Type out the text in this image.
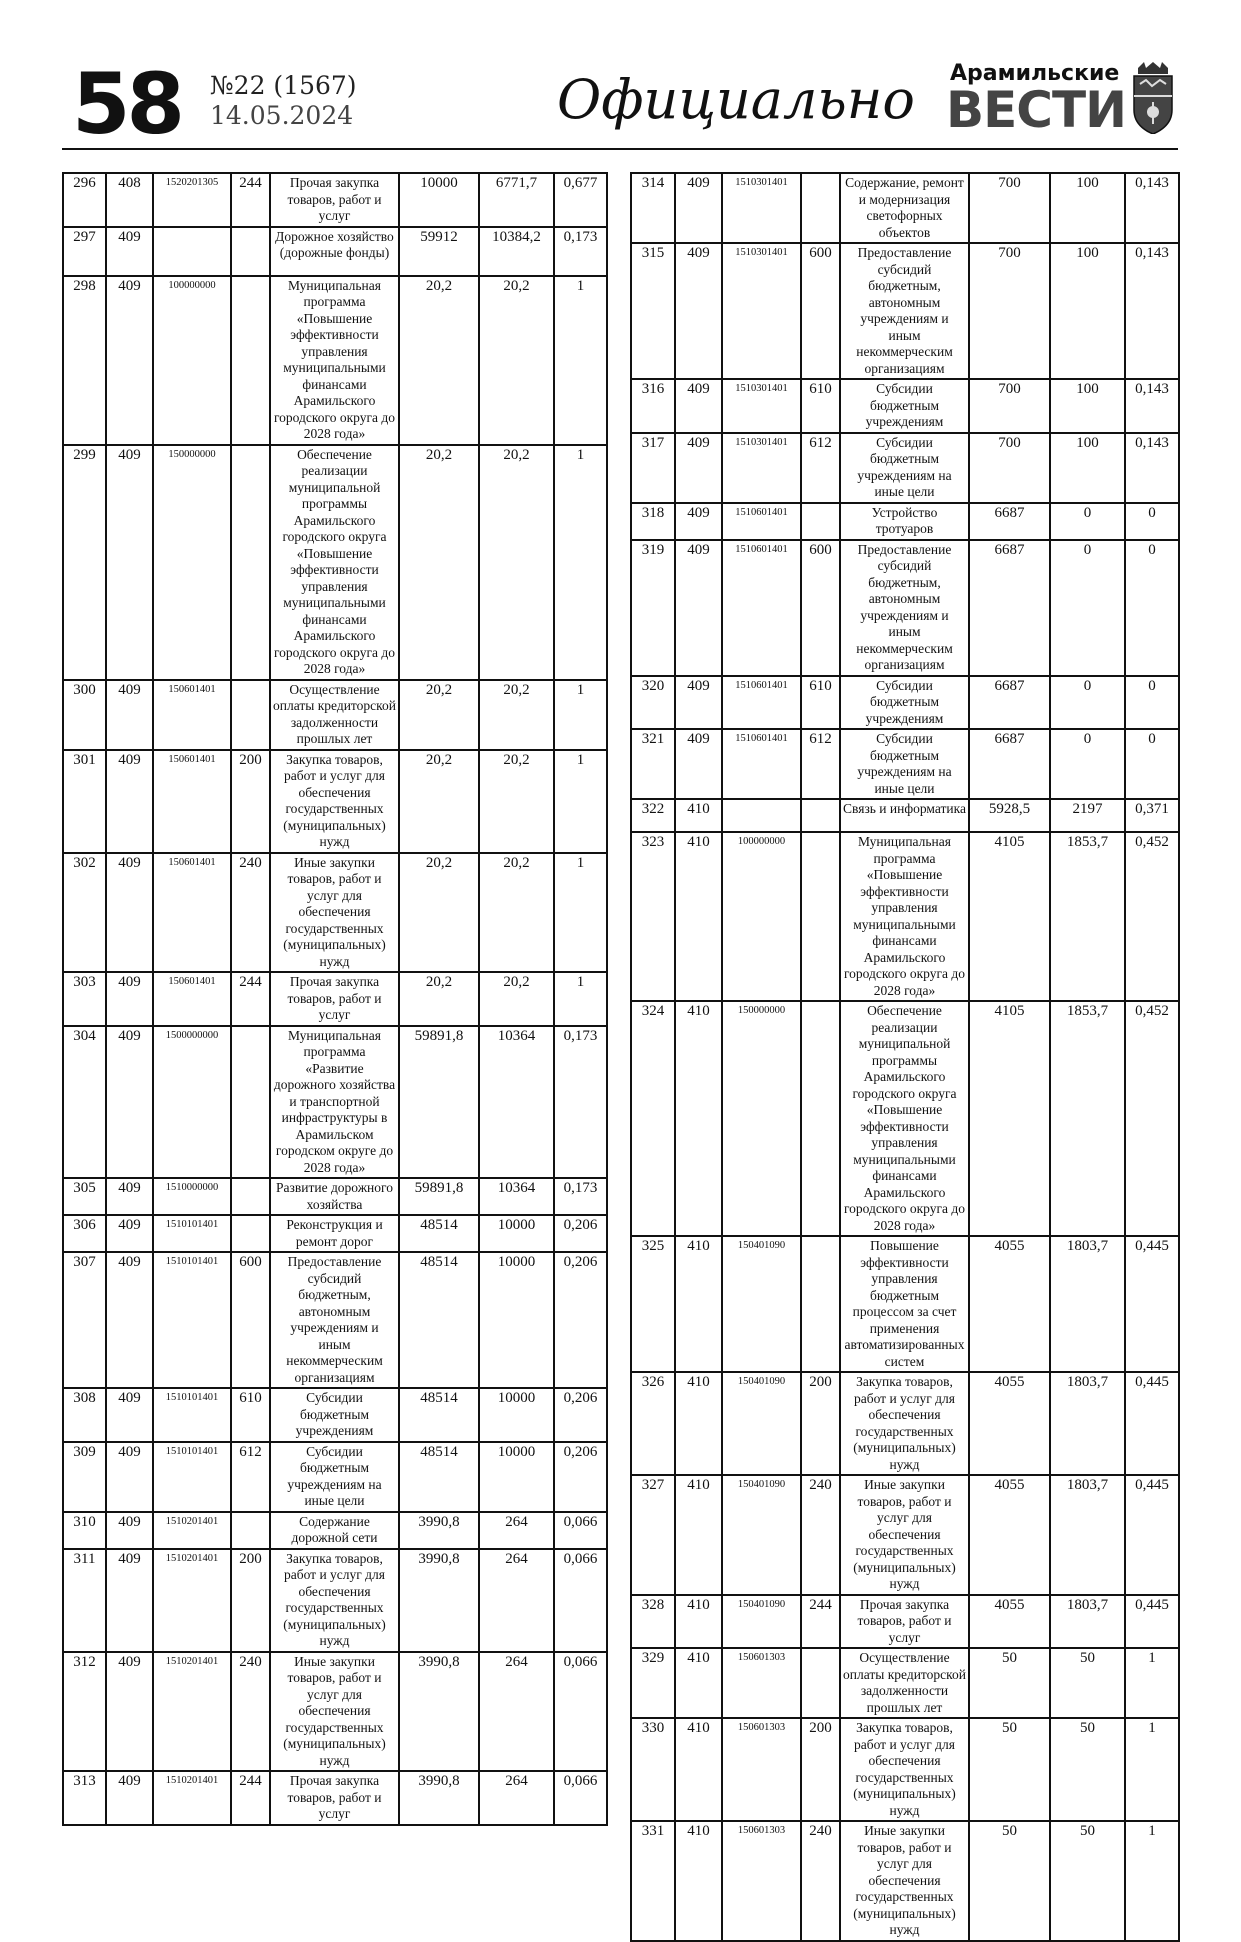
58 №22 (1567)
14.05.2024	Официально Арамильские
ВЕСТИ
296	408	1520201305	244	Прочая закупка товаров, работ и услуг	10000	6771,7	0,677
297	409			Дорожное хозяйство (дорожные фонды)	59912	10384,2	0,173
298	409	100000000		Муниципальная программа «Повышение эффективности управления муниципальными финансами Арамильского городского округа до 2028 года»	20,2	20,2	1
299	409	150000000		Обеспечение реализации муниципальной программы Арамильского городского округа «Повышение эффективности управления муниципальными финансами Арамильского городского округа до 2028 года»	20,2	20,2	1
300	409	150601401		Осуществление оплаты кредиторской задолженности прошлых лет	20,2	20,2	1
301	409	150601401	200	Закупка товаров, работ и услуг для обеспечения государственных (муниципальных) нужд	20,2	20,2	1
302	409	150601401	240	Иные закупки товаров, работ и услуг для обеспечения государственных (муниципальных) нужд	20,2	20,2	1
303	409	150601401	244	Прочая закупка товаров, работ и услуг	20,2	20,2	1
304	409	1500000000		Муниципальная программа «Развитие дорожного хозяйства и транспортной инфраструктуры в Арамильском городском округе до 2028 года»	59891,8	10364	0,173
305	409	1510000000		Развитие дорожного хозяйства	59891,8	10364	0,173
306	409	1510101401		Реконструкция и ремонт дорог	48514	10000	0,206
307	409	1510101401	600	Предоставление субсидий бюджетным, автономным учреждениям и иным некоммерческим организациям	48514	10000	0,206
308	409	1510101401	610	Субсидии бюджетным учреждениям	48514	10000	0,206
309	409	1510101401	612	Субсидии бюджетным учреждениям на иные цели	48514	10000	0,206
310	409	1510201401		Содержание дорожной сети	3990,8	264	0,066
311	409	1510201401	200	Закупка товаров, работ и услуг для обеспечения государственных (муниципальных) нужд	3990,8	264	0,066
312	409	1510201401	240	Иные закупки товаров, работ и услуг для обеспечения государственных (муниципальных) нужд	3990,8	264	0,066
313	409	1510201401	244	Прочая закупка товаров, работ и услуг	3990,8	264	0,066
314	409	1510301401		Содержание, ремонт и модернизация светофорных объектов	700	100	0,143
315	409	1510301401	600	Предоставление субсидий бюджетным, автономным учреждениям и иным некоммерческим организациям	700	100	0,143
316	409	1510301401	610	Субсидии бюджетным учреждениям	700	100	0,143
317	409	1510301401	612	Субсидии бюджетным учреждениям на иные цели	700	100	0,143
318	409	1510601401		Устройство тротуаров	6687	0	0
319	409	1510601401	600	Предоставление субсидий бюджетным, автономным учреждениям и иным некоммерческим организациям	6687	0	0
320	409	1510601401	610	Субсидии бюджетным учреждениям	6687	0	0
321	409	1510601401	612	Субсидии бюджетным учреждениям на иные цели	6687	0	0
322	410			Связь и информатика	5928,5	2197	0,371
323	410	100000000		Муниципальная программа «Повышение эффективности управления муниципальными финансами Арамильского городского округа до 2028 года»	4105	1853,7	0,452
324	410	150000000		Обеспечение реализации муниципальной программы Арамильского городского округа «Повышение эффективности управления муниципальными финансами Арамильского городского округа до 2028 года»	4105	1853,7	0,452
325	410	150401090		Повышение эффективности управления бюджетным процессом за счет применения автоматизированных систем	4055	1803,7	0,445
326	410	150401090	200	Закупка товаров, работ и услуг для обеспечения государственных (муниципальных) нужд	4055	1803,7	0,445
327	410	150401090	240	Иные закупки товаров, работ и услуг для обеспечения государственных (муниципальных) нужд	4055	1803,7	0,445
328	410	150401090	244	Прочая закупка товаров, работ и услуг	4055	1803,7	0,445
329	410	150601303		Осуществление оплаты кредиторской задолженности прошлых лет	50	50	1
330	410	150601303	200	Закупка товаров, работ и услуг для обеспечения государственных (муниципальных) нужд	50	50	1
331	410	150601303	240	Иные закупки товаров, работ и услуг для обеспечения государственных (муниципальных) нужд	50	50	1
